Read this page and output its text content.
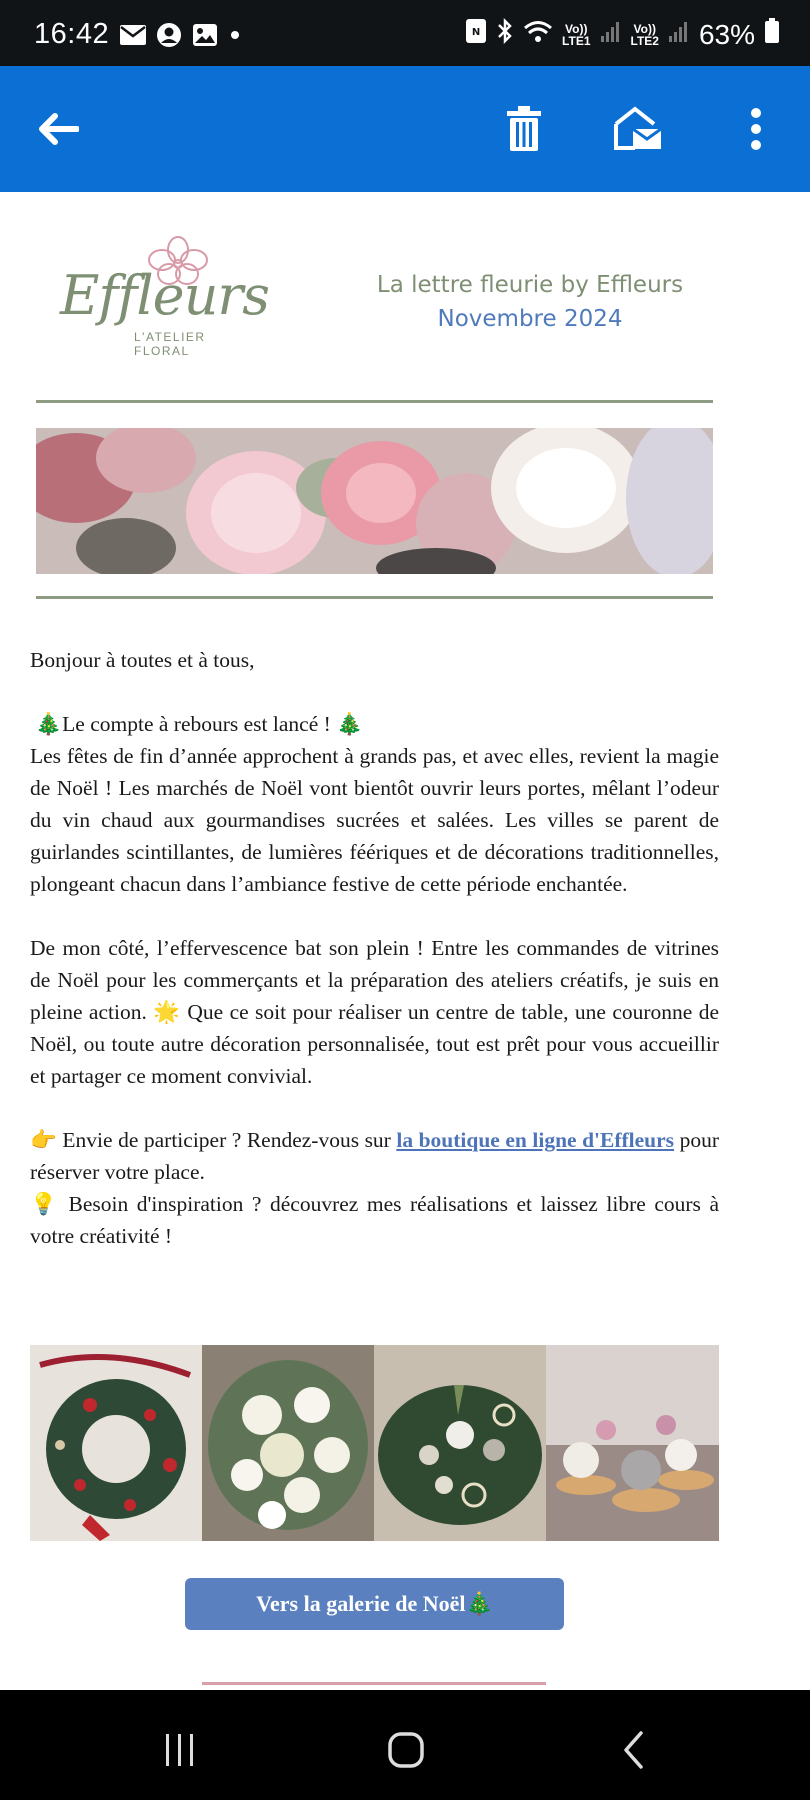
16:42	N	Vo))
LTE1
Vo))
LTE2 63%
Effleurs
L'ATELIER FLORAL
La lettre fleurie by Effleurs
Novembre 2024

Bonjour à toutes et à tous,

🎄Le compte à rebours est lancé ! 🎄

Les fêtes de fin d’année approchent à grands pas, et avec elles, revient la magie de Noël ! Les marchés de Noël vont bientôt ouvrir leurs portes, mêlant l’odeur du vin chaud aux gourmandises sucrées et salées. Les villes se parent de guirlandes scintillantes, de lumières féériques et de décorations traditionnelles, plongeant chacun dans l’ambiance festive de cette période enchantée.

De mon côté, l’effervescence bat son plein ! Entre les commandes de vitrines de Noël pour les commerçants et la préparation des ateliers créatifs, je suis en pleine action. 🌟 Que ce soit pour réaliser un centre de table, une couronne de Noël, ou toute autre décoration personnalisée, tout est prêt pour vous accueillir et partager ce moment convivial.

👉 Envie de participer ? Rendez-vous sur la boutique en ligne d'Effleurs pour réserver votre place.

💡 Besoin d'inspiration ? découvrez mes réalisations et laissez libre cours à votre créativité !

Vers la galerie de Noël🎄
